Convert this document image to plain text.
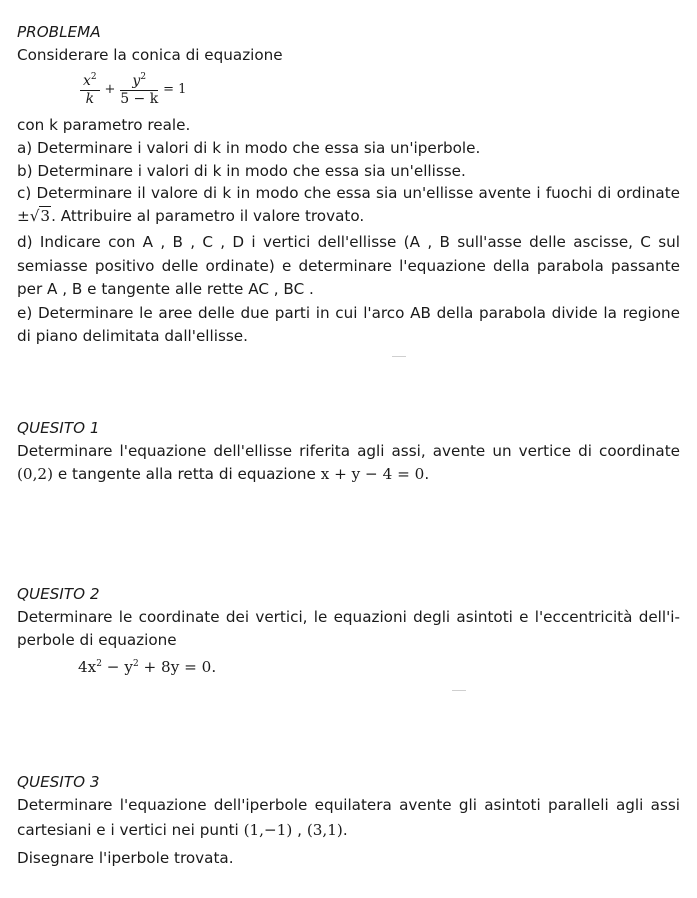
PROBLEMA
Considerare la conica di equazione
$\frac{x^2}{k} + \frac{y^2}{5 - k} = 1$
con k parametro reale.
a) Determinare i valori di k in modo che essa sia un'iperbole.
b) Determinare i valori di k in modo che essa sia un'ellisse.
c) Determinare il valore di k in modo che essa sia un'ellisse avente i fuochi di ordinate
±√3. Attribuire al parametro il valore trovato.
d) Indicare con A , B , C , D i vertici dell'ellisse (A , B sull'asse delle ascisse, C sul
semiasse positivo delle ordinate) e determinare l'equazione della parabola passante
per A , B e tangente alle rette AC , BC .
e) Determinare le aree delle due parti in cui l'arco AB della parabola divide la regione
di piano delimitata dall'ellisse.
QUESITO 1
Determinare l'equazione dell'ellisse riferita agli assi, avente un vertice di coordinate
(0,2) e tangente alla retta di equazione x + y − 4 = 0.
QUESITO 2
Determinare le coordinate dei vertici, le equazioni degli asintoti e l'eccentricità dell'i-
perbole di equazione
$4x^2 - y^2 + 8y = 0$.
QUESITO 3
Determinare l'equazione dell'iperbole equilatera avente gli asintoti paralleli agli assi
cartesiani e i vertici nei punti (1,−1) , (3,1).
Disegnare l'iperbole trovata.
